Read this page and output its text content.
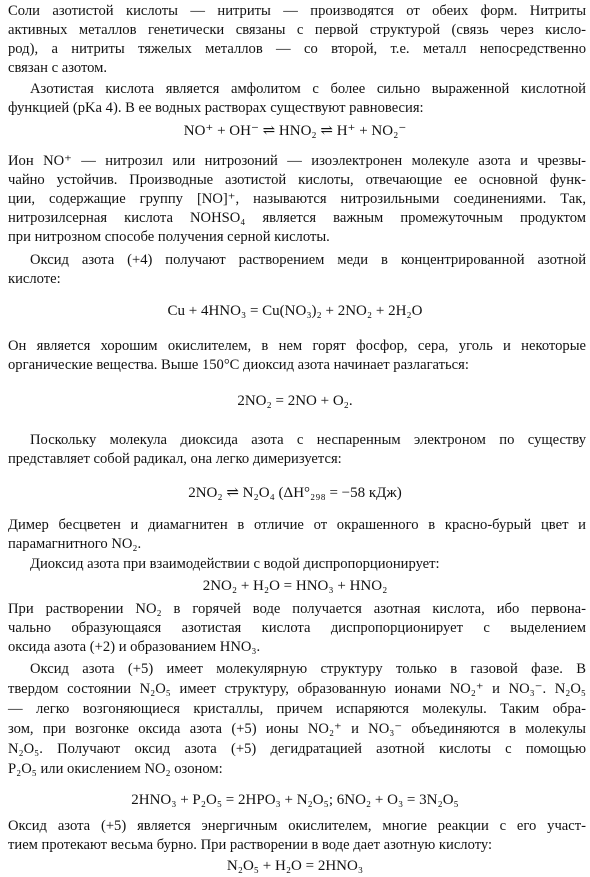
Соли азотистой кислоты — нитриты — производятся от обеих форм. Нитриты
активных металлов генетически связаны с первой структурой (связь через кисло-
род), а нитриты тяжелых металлов — со второй, т.е. металл непосредственно
связан с азотом.
Азотистая кислота является амфолитом с более сильно выраженной кислотной
функцией (pKa 4). В ее водных растворах существуют равновесия:
NO⁺ + OH⁻ ⇌ HNO₂ ⇌ H⁺ + NO₂⁻
Ион NO⁺ — нитрозил или нитрозоний — изоэлектронен молекуле азота и чрезвы-
чайно устойчив. Производные азотистой кислоты, отвечающие ее основной функ-
ции, содержащие группу [NO]⁺, называются нитрозильными соединениями. Так,
нитрозилсерная кислота NOHSO₄ является важным промежуточным продуктом
при нитрозном способе получения серной кислоты.
Оксид азота (+4) получают растворением меди в концентрированной азотной
кислоте:
Cu + 4HNO₃ = Cu(NO₃)₂ + 2NO₂ + 2H₂O
Он является хорошим окислителем, в нем горят фосфор, сера, уголь и некоторые
органические вещества. Выше 150°С диоксид азота начинает разлагаться:
2NO₂ = 2NO + O₂.
Поскольку молекула диоксида азота с неспаренным электроном по существу
представляет собой радикал, она легко димеризуется:
2NO₂ ⇌ N₂O₄ (ΔH°₂₉₈ = −58 кДж)
Димер бесцветен и диамагнитен в отличие от окрашенного в красно-бурый цвет и
парамагнитного NO₂.
Диоксид азота при взаимодействии с водой диспропорционирует:
2NO₂ + H₂O = HNO₃ + HNO₂
При растворении NO₂ в горячей воде получается азотная кислота, ибо первона-
чально образующаяся азотистая кислота диспропорционирует с выделением
оксида азота (+2) и образованием HNO₃.
Оксид азота (+5) имеет молекулярную структуру только в газовой фазе. В
твердом состоянии N₂O₅ имеет структуру, образованную ионами NO₂⁺ и NO₃⁻. N₂O₅
— легко возгоняющиеся кристаллы, причем испаряются молекулы. Таким обра-
зом, при возгонке оксида азота (+5) ионы NO₂⁺ и NO₃⁻ объединяются в молекулы
N₂O₅. Получают оксид азота (+5) дегидратацией азотной кислоты с помощью
P₂O₅ или окислением NO₂ озоном:
2HNO₃ + P₂O₅ = 2HPO₃ + N₂O₅; 6NO₂ + O₃ = 3N₂O₅
Оксид азота (+5) является энергичным окислителем, многие реакции с его участ-
тием протекают весьма бурно. При растворении в воде дает азотную кислоту:
N₂O₅ + H₂O = 2HNO₃
